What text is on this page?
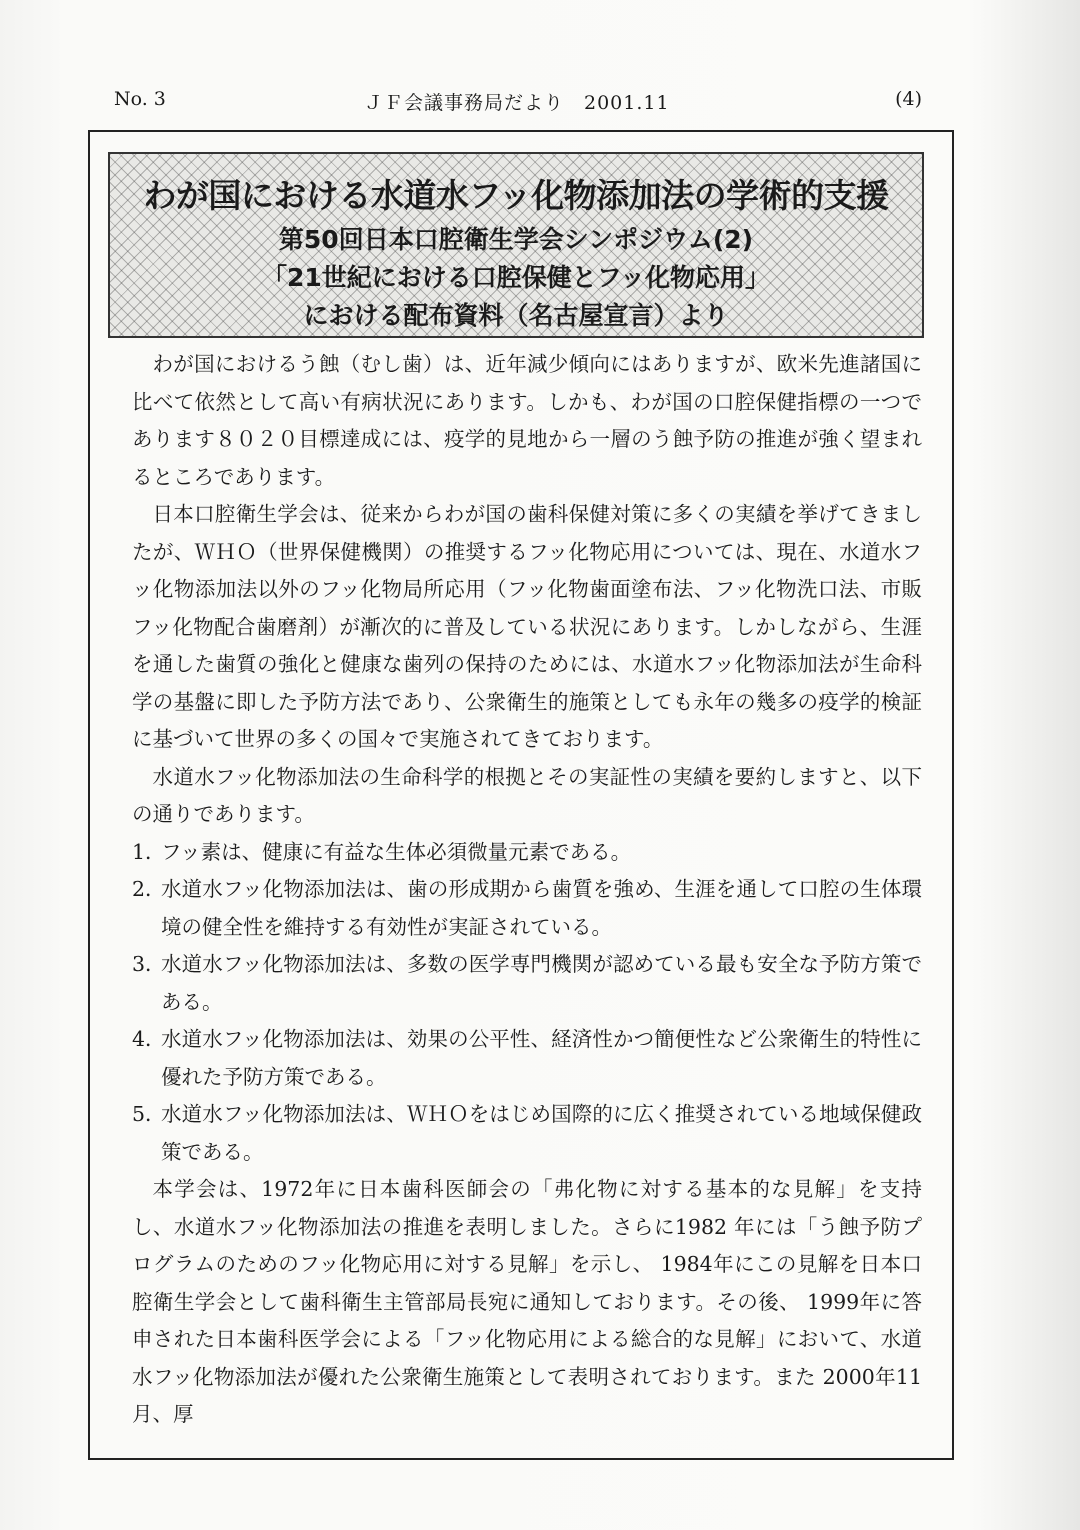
No. 3	ＪＦ会議事務局だより　2001.11	(4)
わが国における水道水フッ化物添加法の学術的支援
第50回日本口腔衛生学会シンポジウム(2)
「21世紀における口腔保健とフッ化物応用」
における配布資料（名古屋宣言）より

わが国におけるう蝕（むし歯）は、近年減少傾向にはありますが、欧米先進諸国に比べて依然として高い有病状況にあります。しかも、わが国の口腔保健指標の一つであります８０２０目標達成には、疫学的見地から一層のう蝕予防の推進が強く望まれるところであります。

日本口腔衛生学会は、従来からわが国の歯科保健対策に多くの実績を挙げてきましたが、ＷＨＯ（世界保健機関）の推奨するフッ化物応用については、現在、水道水フッ化物添加法以外のフッ化物局所応用（フッ化物歯面塗布法、フッ化物洗口法、市販フッ化物配合歯磨剤）が漸次的に普及している状況にあります。しかしながら、生涯を通した歯質の強化と健康な歯列の保持のためには、水道水フッ化物添加法が生命科学の基盤に即した予防方法であり、公衆衛生的施策としても永年の幾多の疫学的検証に基づいて世界の多くの国々で実施されてきております。

水道水フッ化物添加法の生命科学的根拠とその実証性の実績を要約しますと、以下の通りであります。

1．
フッ素は、健康に有益な生体必須微量元素である。
2．
水道水フッ化物添加法は、歯の形成期から歯質を強め、生涯を通して口腔の生体環境の健全性を維持する有効性が実証されている。
3．
水道水フッ化物添加法は、多数の医学専門機関が認めている最も安全な予防方策である。
4．
水道水フッ化物添加法は、効果の公平性、経済性かつ簡便性など公衆衛生的特性に優れた予防方策である。
5．
水道水フッ化物添加法は、ＷＨＯをはじめ国際的に広く推奨されている地域保健政策である。

本学会は、1972年に日本歯科医師会の「弗化物に対する基本的な見解」を支持し、水道水フッ化物添加法の推進を表明しました。さらに1982 年には「う蝕予防プログラムのためのフッ化物応用に対する見解」を示し、 1984年にこの見解を日本口腔衛生学会として歯科衛生主管部局長宛に通知しております。その後、 1999年に答申された日本歯科医学会による「フッ化物応用による総合的な見解」において、水道水フッ化物添加法が優れた公衆衛生施策として表明されております。また 2000年11月、厚
